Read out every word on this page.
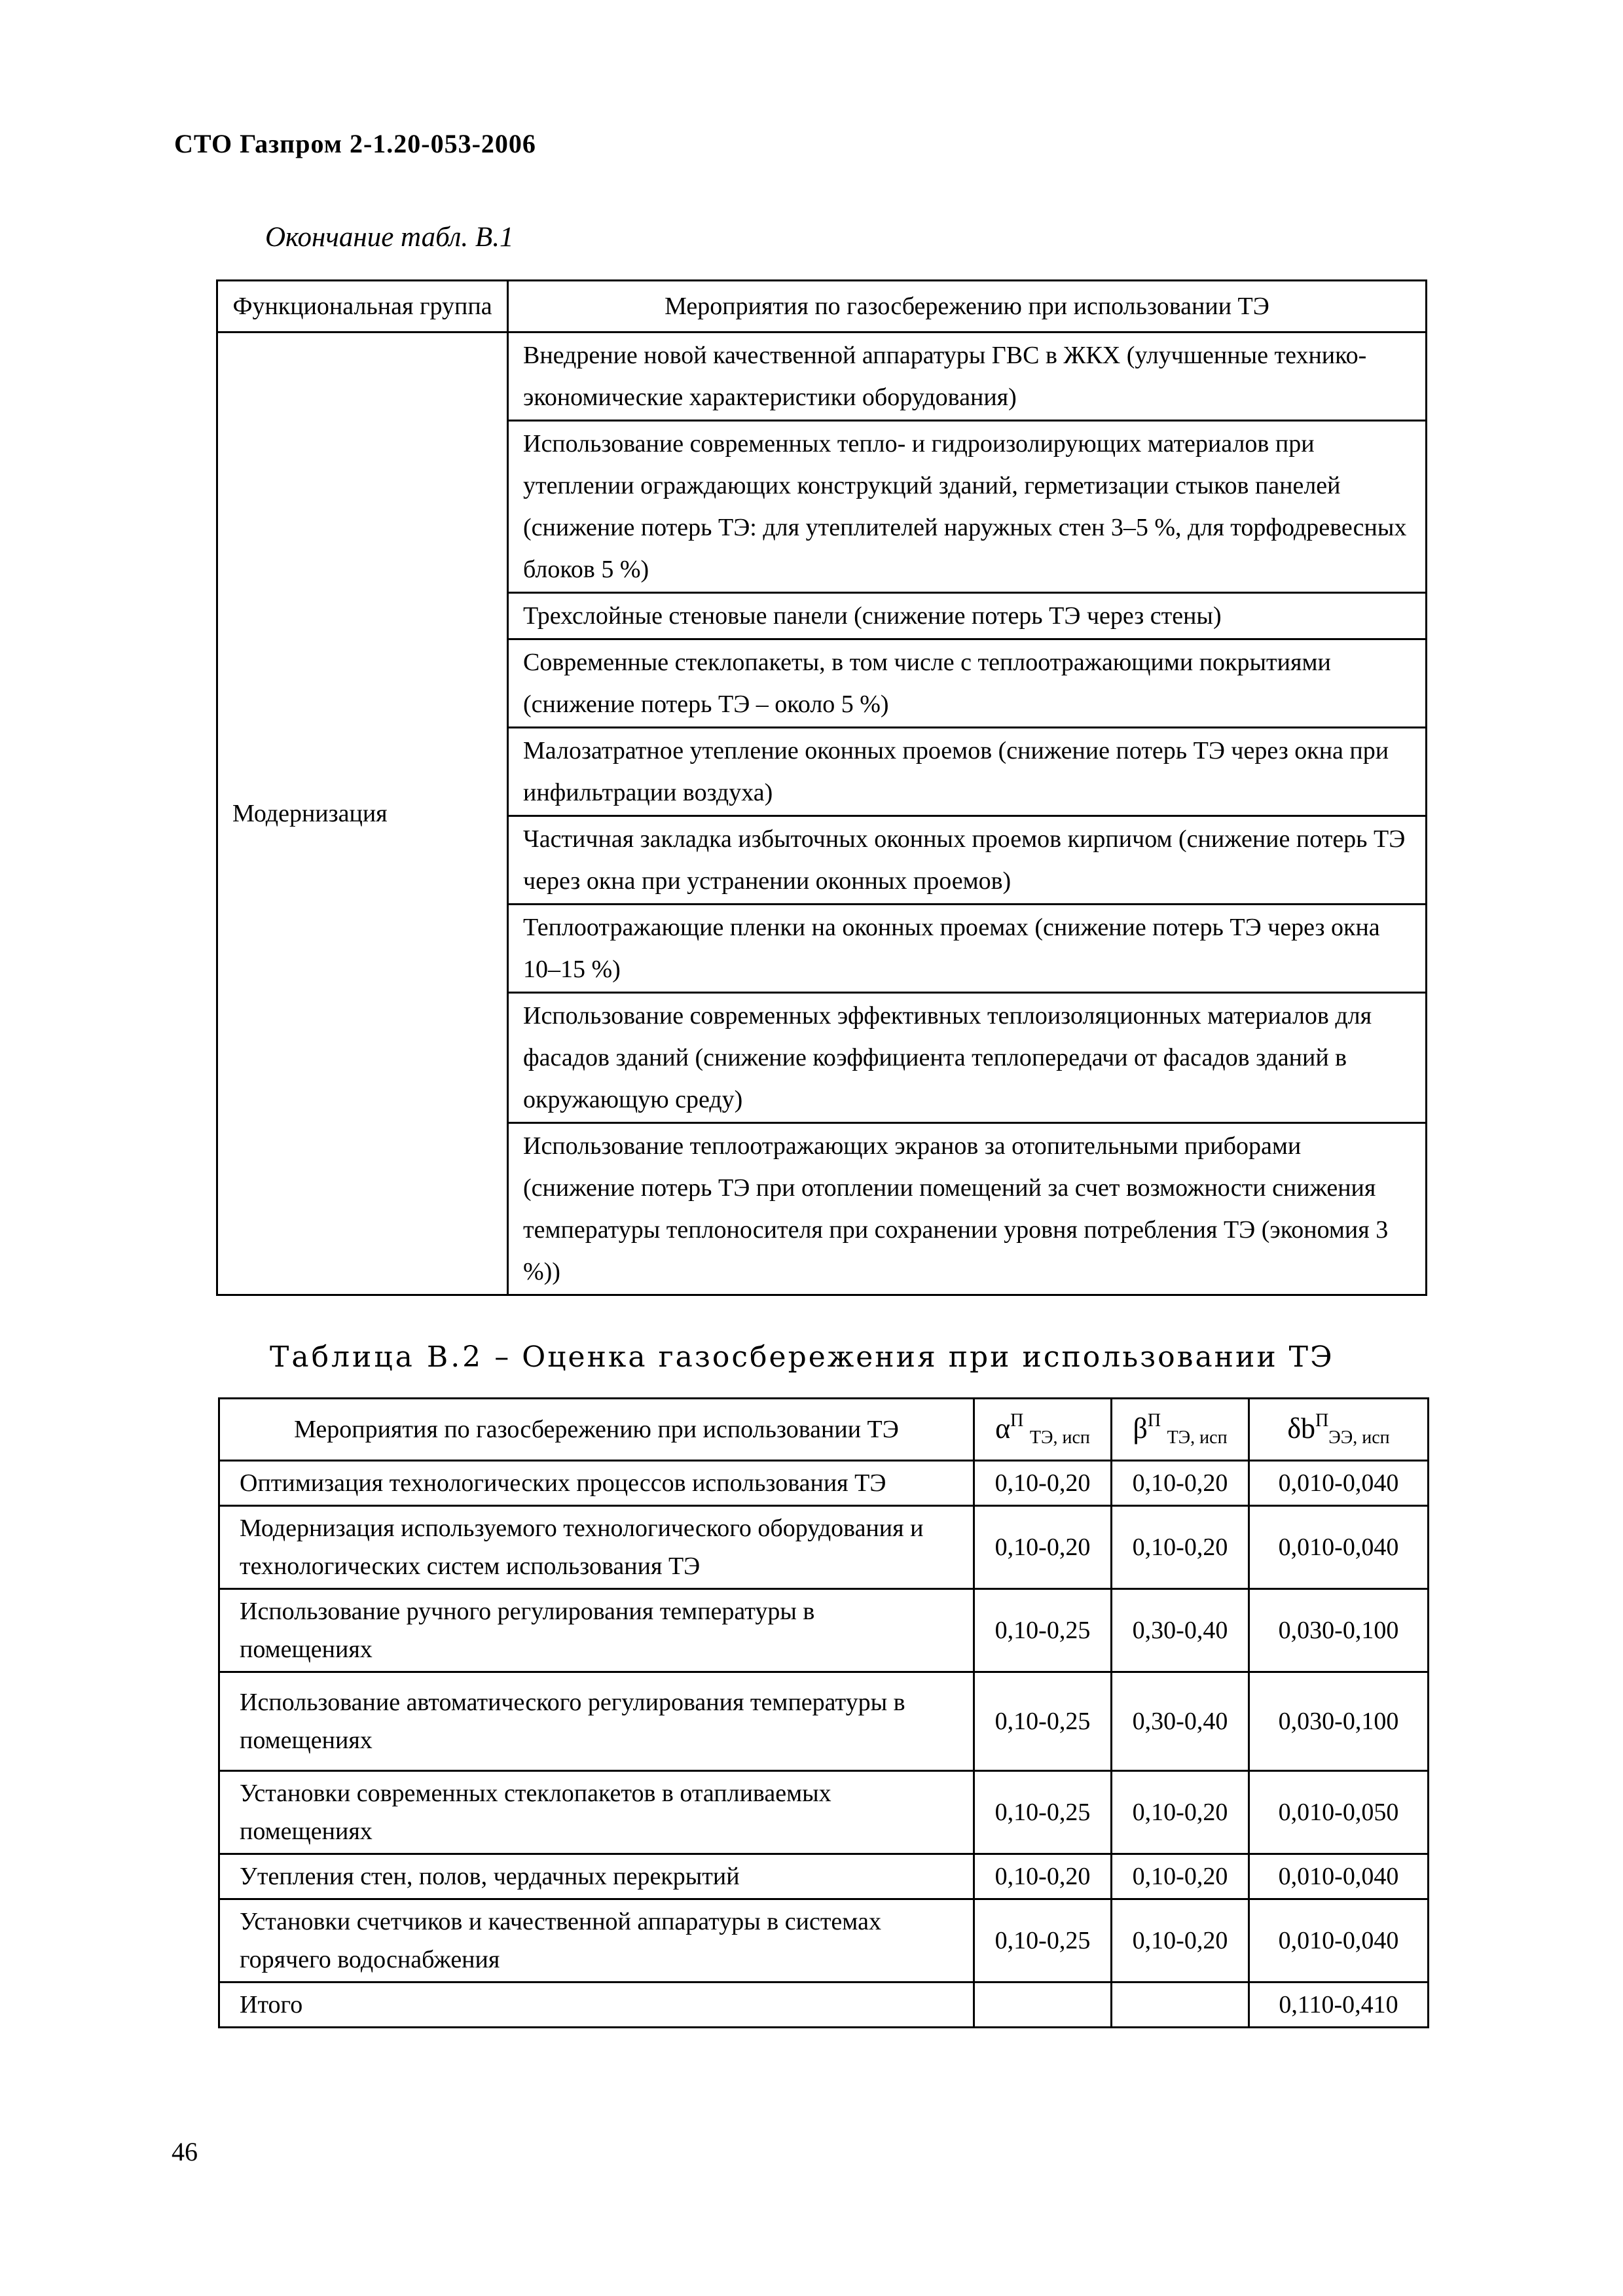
СТО Газпром 2-1.20-053-2006
Окончание табл. В.1
Функциональная группа	Мероприятия по газосбережению при использовании ТЭ
Модернизация	Внедрение новой качественной аппаратуры ГВС в ЖКХ (улучшенные технико-экономические характеристики оборудования)
	Использование современных тепло- и гидроизолирующих материалов при утеплении ограждающих конструкций зданий, герметизации стыков панелей (снижение потерь ТЭ: для утеплителей наружных стен 3–5 %, для торфодревесных блоков 5 %)
	Трехслойные стеновые панели (снижение потерь ТЭ через стены)
	Современные стеклопакеты, в том числе с теплоотражающими покрытиями (снижение потерь ТЭ – около 5 %)
	Малозатратное утепление оконных проемов (снижение потерь ТЭ через окна при инфильтрации воздуха)
	Частичная закладка избыточных оконных проемов кирпичом (снижение потерь ТЭ через окна при устранении оконных проемов)
	Теплоотражающие пленки на оконных проемах (снижение потерь ТЭ через окна 10–15 %)
	Использование современных эффективных теплоизоляционных материалов для фасадов зданий (снижение коэффициента теплопередачи от фасадов зданий в окружающую среду)
	Использование теплоотражающих экранов за отопительными приборами (снижение потерь ТЭ при отоплении помещений за счет возможности снижения температуры теплоносителя при сохранении уровня потребления ТЭ (экономия 3 %))
Таблица В.2 – Оценка газосбережения при использовании ТЭ
Мероприятия по газосбережению при использовании ТЭ	$\alpha^П$ $_{ТЭ, исп}$	$\beta^П$ $_{ТЭ, исп}$	$\delta b^П_{ЭЭ, исп}$
Оптимизация технологических процессов использования ТЭ	0,10-0,20	0,10-0,20	0,010-0,040
Модернизация используемого технологического оборудования и технологических систем использования ТЭ	0,10-0,20	0,10-0,20	0,010-0,040
Использование ручного регулирования температуры в помещениях	0,10-0,25	0,30-0,40	0,030-0,100
Использование автоматического регулирования температуры в помещениях	0,10-0,25	0,30-0,40	0,030-0,100
Установки современных стеклопакетов в отапливаемых помещениях	0,10-0,25	0,10-0,20	0,010-0,050
Утепления стен, полов, чердачных перекрытий	0,10-0,20	0,10-0,20	0,010-0,040
Установки счетчиков и качественной аппаратуры в системах горячего водоснабжения	0,10-0,25	0,10-0,20	0,010-0,040
Итого			0,110-0,410
46
